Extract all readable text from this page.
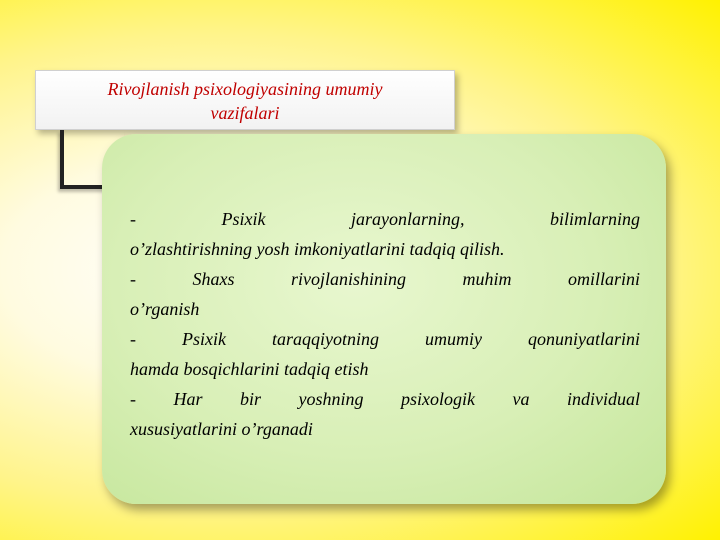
Rivojlanish psixologiyasining umumiy
vazifalari
- Psixik jarayonlarning, bilimlarning
o’zlashtirishning yosh imkoniyatlarini tadqiq qilish.
- Shaxs rivojlanishining muhim omillarini
o’rganish
- Psixik taraqqiyotning umumiy qonuniyatlarini
hamda bosqichlarini tadqiq etish
- Har bir yoshning psixologik va individual
xususiyatlarini o’rganadi
